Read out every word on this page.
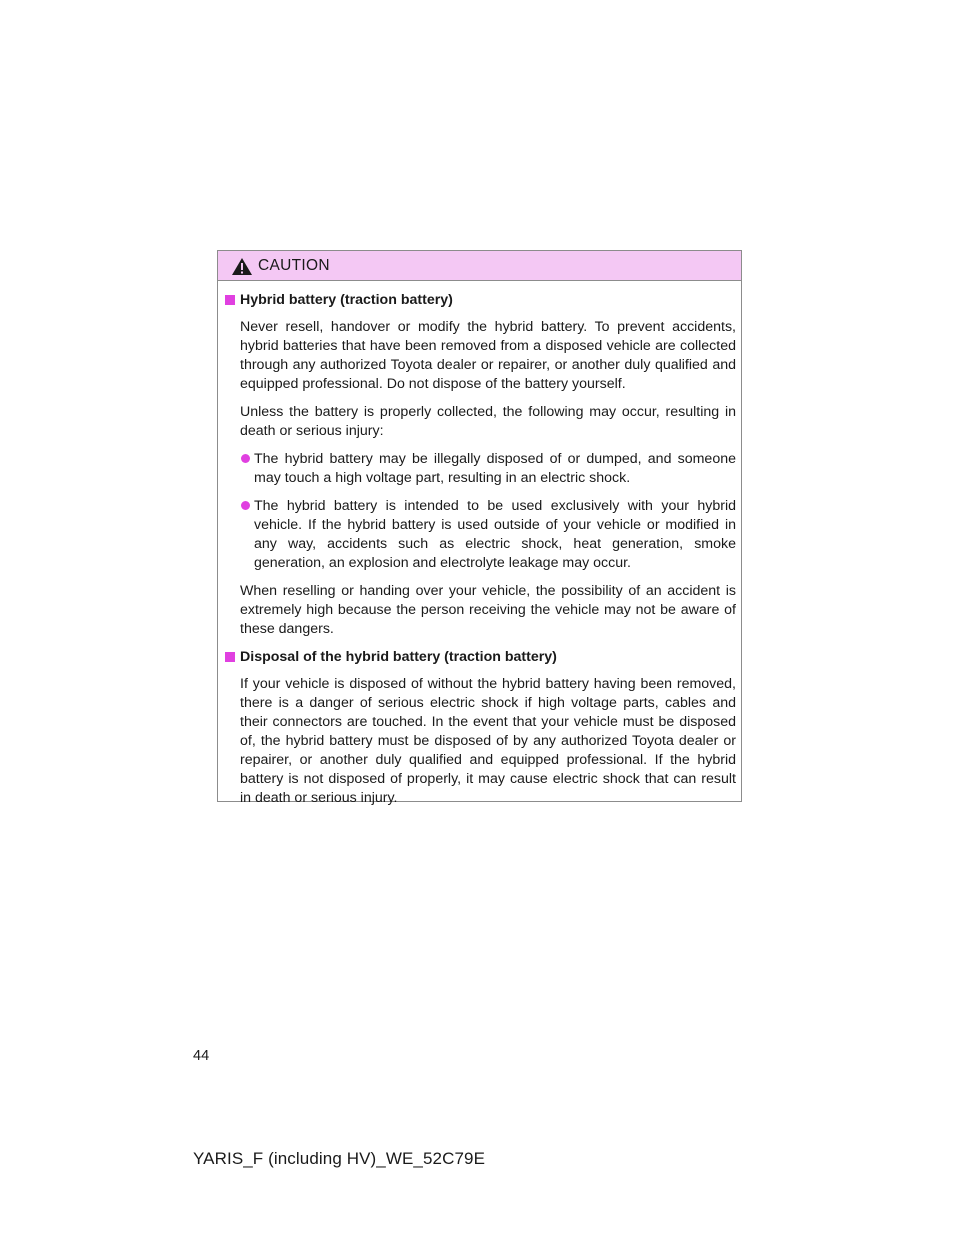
CAUTION
Hybrid battery (traction battery)

Never resell, handover or modify the hybrid battery. To prevent accidents, hybrid batteries that have been removed from a disposed vehicle are collected through any authorized Toyota dealer or repairer, or another duly qualified and equipped professional. Do not dispose of the battery yourself.

Unless the battery is properly collected, the following may occur, resulting in death or serious injury:

The hybrid battery may be illegally disposed of or dumped, and someone may touch a high voltage part, resulting in an electric shock.
The hybrid battery is intended to be used exclusively with your hybrid vehicle. If the hybrid battery is used outside of your vehicle or modified in any way, accidents such as electric shock, heat generation, smoke generation, an explosion and electrolyte leakage may occur.

When reselling or handing over your vehicle, the possibility of an accident is extremely high because the person receiving the vehicle may not be aware of these dangers.

Disposal of the hybrid battery (traction battery)

If your vehicle is disposed of without the hybrid battery having been removed, there is a danger of serious electric shock if high voltage parts, cables and their connectors are touched. In the event that your vehicle must be disposed of, the hybrid battery must be disposed of by any authorized Toyota dealer or repairer, or another duly qualified and equipped professional. If the hybrid battery is not disposed of properly, it may cause electric shock that can result in death or serious injury.

44
YARIS_F (including HV)_WE_52C79E
